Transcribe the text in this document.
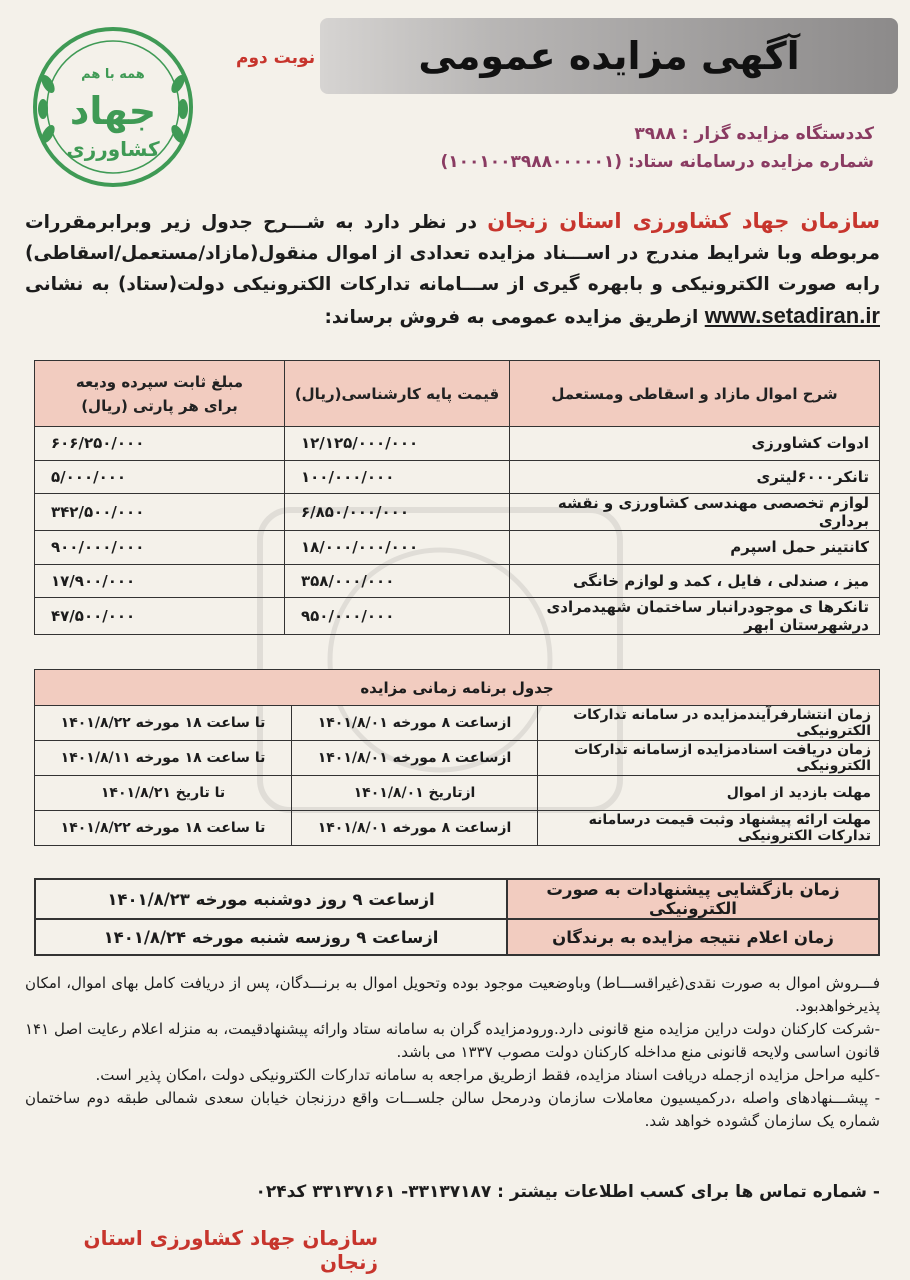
آگهی مزایده عمومی
نوبت دوم
همه با هم
جهاد
کشاورزی
کددستگاه مزایده گزار : ۳۹۸۸
شماره مزایده درسامانه ستاد: (۱۰۰۱۰۰۳۹۸۸۰۰۰۰۰۱)
سازمان جهاد کشاورزی استان زنجان در نظر دارد به شـــرح جدول زیر وبرابرمقررات مربوطه وبا شرایط مندرج در اســـناد مزایده تعدادی از اموال منقول(مازاد/مستعمل/اسقاطی) رابه صورت الکترونیکی و بابهره گیری از ســـامانه تدارکات الکترونیکی دولت(ستاد) به نشانی www.setadiran.ir ازطریق مزایده عمومی به فروش برساند:
شرح اموال مازاد و اسقاطی ومستعمل	قیمت پایه کارشناسی(ریال)	مبلغ ثابت سپرده ودیعه
برای هر پارتی (ریال)
ادوات کشاورزی	۱۲/۱۲۵/۰۰۰/۰۰۰	۶۰۶/۲۵۰/۰۰۰
تانکر۶۰۰۰لیتری	۱۰۰/۰۰۰/۰۰۰	۵/۰۰۰/۰۰۰
لوازم تخصصی مهندسی کشاورزی و نقشه برداری	۶/۸۵۰/۰۰۰/۰۰۰	۳۴۲/۵۰۰/۰۰۰
کانتینر حمل اسپرم	۱۸/۰۰۰/۰۰۰/۰۰۰	۹۰۰/۰۰۰/۰۰۰
میز ، صندلی ، فایل ، کمد و لوازم خانگی	۳۵۸/۰۰۰/۰۰۰	۱۷/۹۰۰/۰۰۰
تانکرها ی موجودرانبار ساختمان شهیدمرادی درشهرستان ابهر	۹۵۰/۰۰۰/۰۰۰	۴۷/۵۰۰/۰۰۰
جدول برنامه زمانی مزایده
زمان انتشارفرآیندمزایده در سامانه تدارکات الکترونیکی	ازساعت ۸ مورخه ۱۴۰۱/۸/۰۱	تا ساعت ۱۸ مورخه ۱۴۰۱/۸/۲۲
زمان دریافت اسنادمزایده ازسامانه تدارکات الکترونیکی	ازساعت ۸ مورخه ۱۴۰۱/۸/۰۱	تا ساعت ۱۸ مورخه ۱۴۰۱/۸/۱۱
مهلت بازدید از اموال	ازتاریخ ۱۴۰۱/۸/۰۱	تا تاریخ ۱۴۰۱/۸/۲۱
مهلت ارائه پیشنهاد وثبت قیمت درسامانه تدارکات الکترونیکی	ازساعت ۸ مورخه ۱۴۰۱/۸/۰۱	تا ساعت ۱۸ مورخه ۱۴۰۱/۸/۲۲
زمان بازگشایی پیشنهادات به صورت الکترونیکی	ازساعت ۹ روز دوشنبه مورخه ۱۴۰۱/۸/۲۳
زمان اعلام نتیجه مزایده به برندگان	ازساعت ۹ روزسه شنبه مورخه ۱۴۰۱/۸/۲۴

فـــروش اموال به صورت نقدی(غیراقســـاط) وباوضعیت موجود بوده وتحویل اموال به برنـــدگان، پس از دریافت کامل بهای اموال، امکان پذیرخواهدبود.

-شرکت کارکنان دولت دراین مزایده منع قانونی دارد.ورودمزایده گران به سامانه ستاد وارائه پیشنهادقیمت، به منزله اعلام رعایت اصل ۱۴۱ قانون اساسی ولایحه قانونی منع مداخله کارکنان دولت مصوب ۱۳۳۷ می باشد.

-کلیه مراحل مزایده ازجمله دریافت اسناد مزایده، فقط ازطریق مراجعه به سامانه تدارکات الکترونیکی دولت ،امکان پذیر است.

- پیشـــنهادهای واصله ،درکمیسیون معاملات سازمان ودرمحل سالن جلســـات واقع درزنجان خیابان سعدی شمالی طبقه دوم ساختمان شماره یک سازمان گشوده خواهد شد.

- شماره تماس ها برای کسب اطلاعات بیشتر : ۳۳۱۳۷۱۸۷- ۳۳۱۳۷۱۶۱ کد۰۲۴
سازمان جهاد کشاورزی استان زنجان
